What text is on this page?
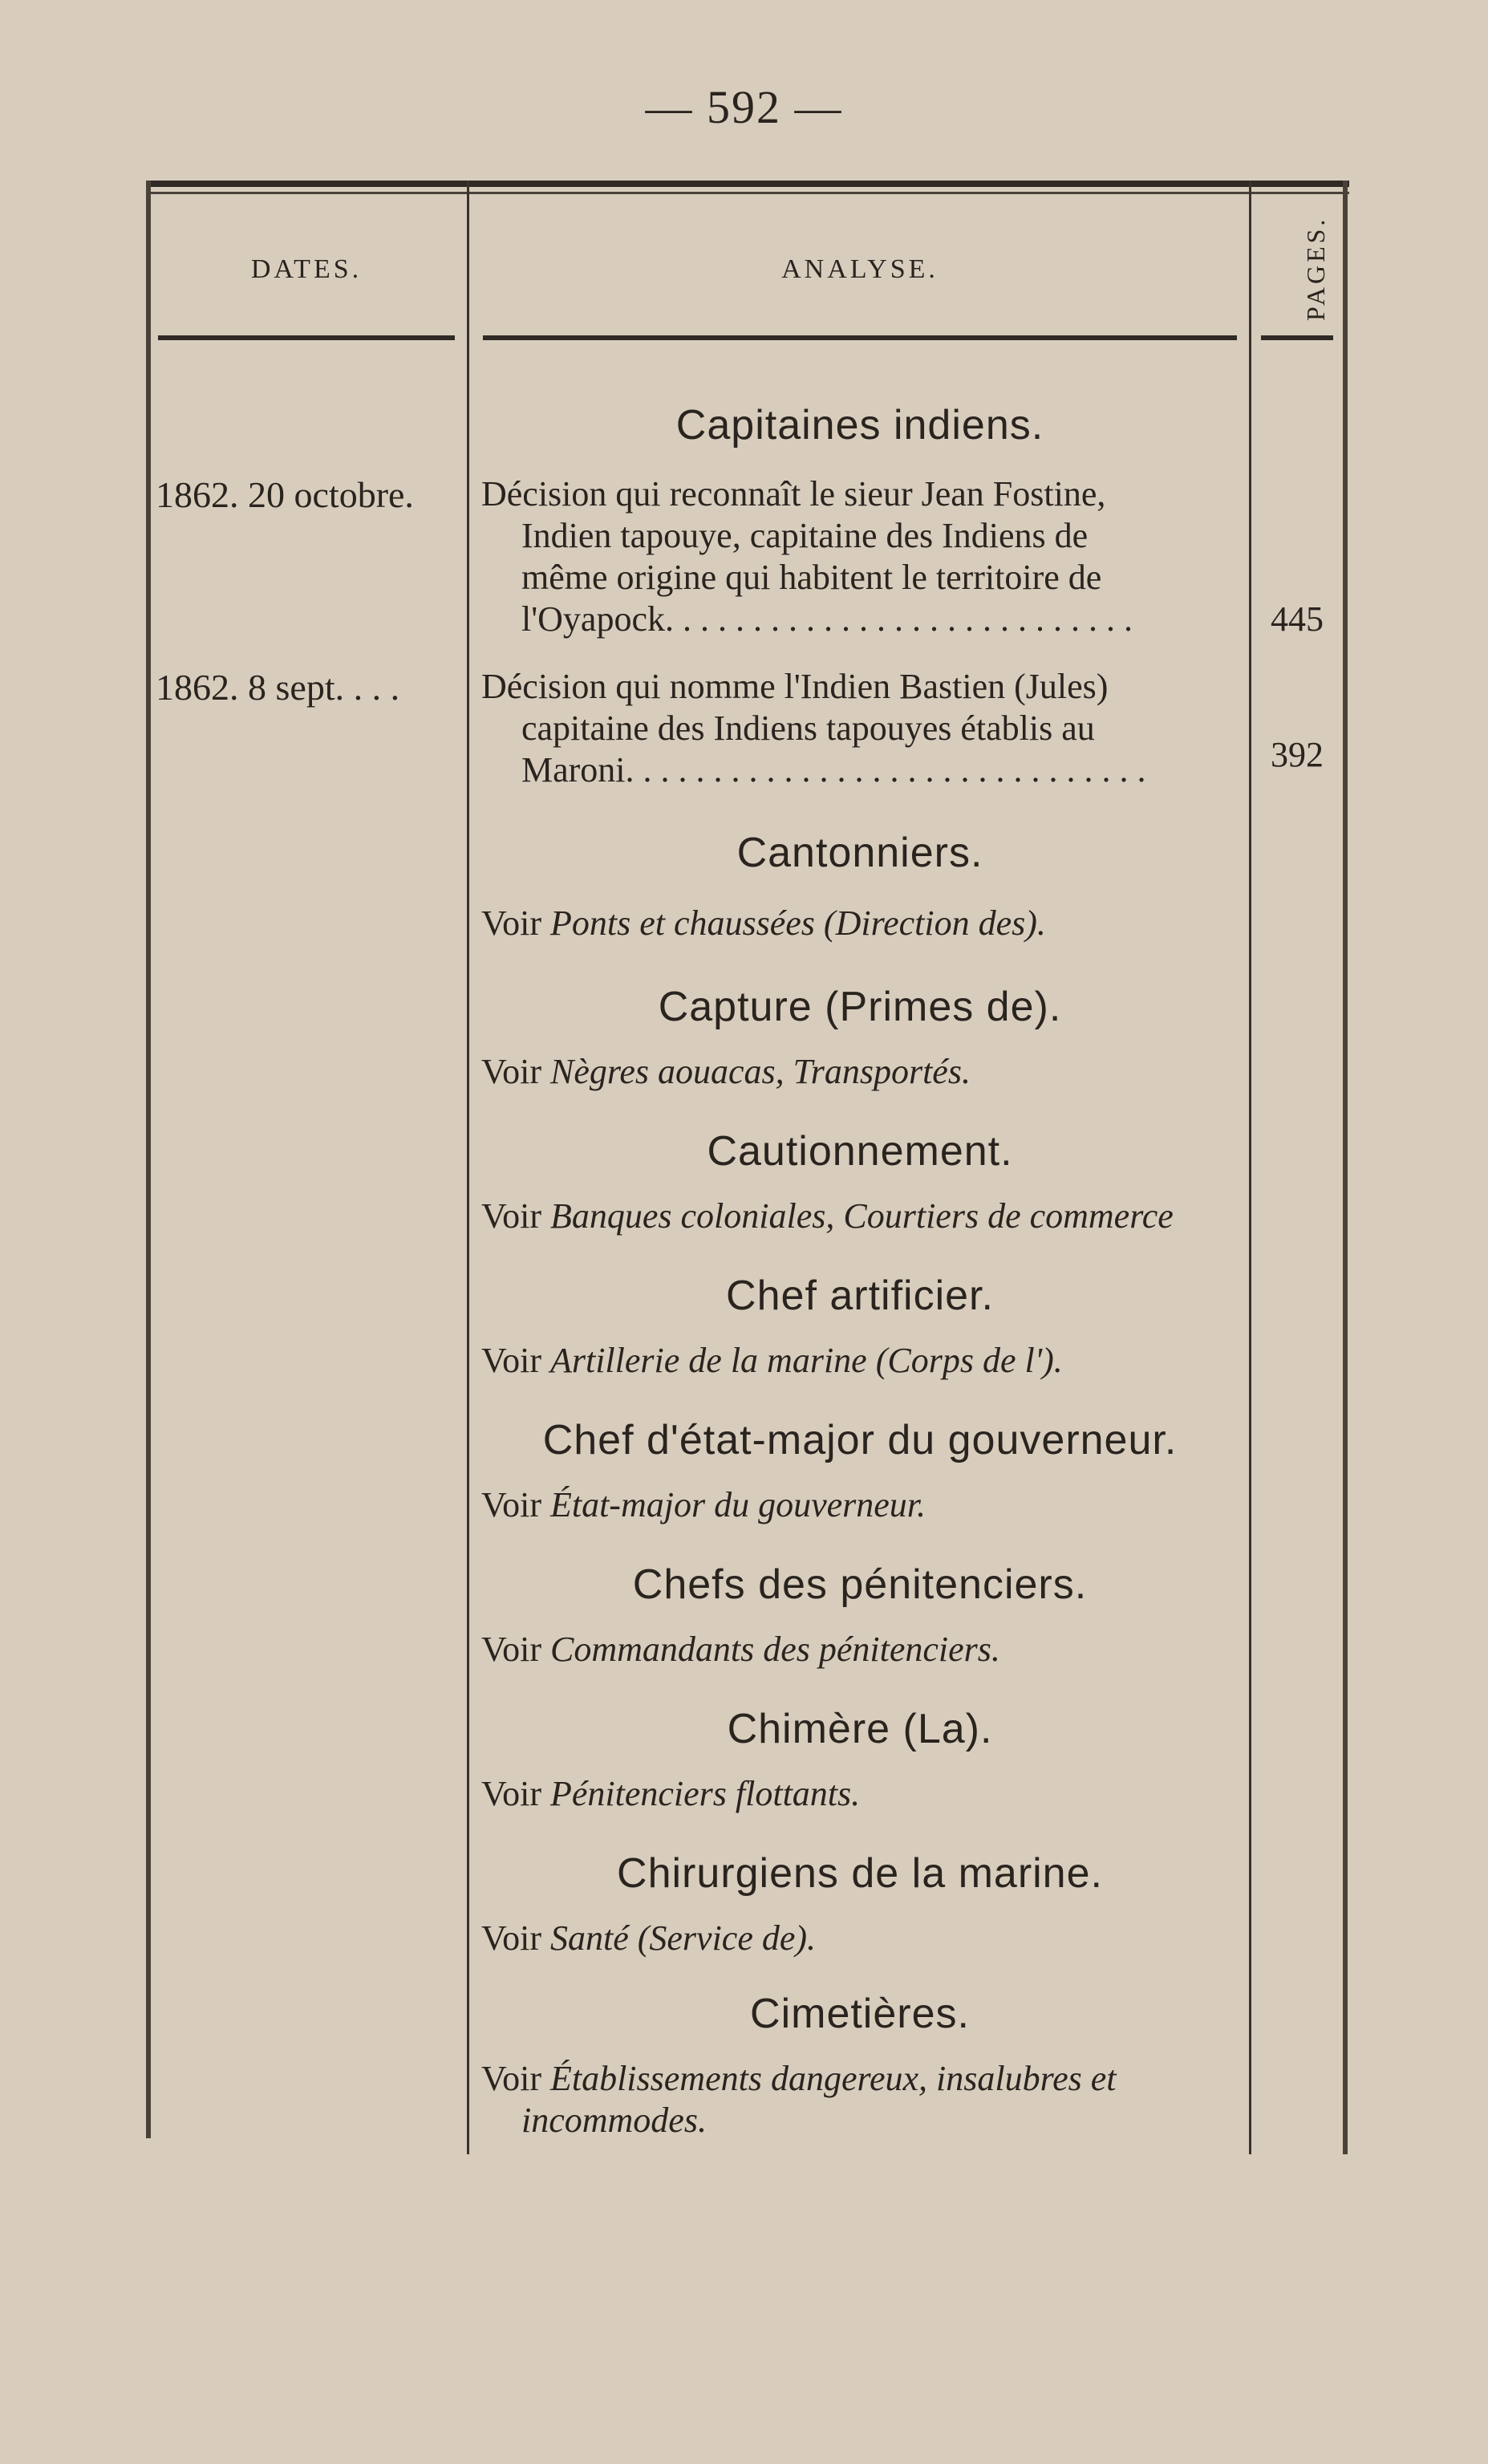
— 592 —
DATES.	ANALYSE.	PAGES.
Capitaines indiens.
1862. 20 octobre.	Décision qui reconnaît le sieur Jean Fostine,
Indien tapouye, capitaine des Indiens de
même origine qui habitent le territoire de
l'Oyapock. . . . . . . . . . . . . . . . . . . . . . . . . . .	445
1862. 8 sept. . . .	Décision qui nomme l'Indien Bastien (Jules)
capitaine des Indiens tapouyes établis au
Maroni. . . . . . . . . . . . . . . . . . . . . . . . . . . . . .	392
Cantonniers.
Voir Ponts et chaussées (Direction des).
Capture (Primes de).
Voir Nègres aouacas, Transportés.
Cautionnement.
Voir Banques coloniales, Courtiers de commerce
Chef artificier.
Voir Artillerie de la marine (Corps de l').
Chef d'état-major du gouverneur.
Voir État-major du gouverneur.
Chefs des pénitenciers.
Voir Commandants des pénitenciers.
Chimère (La).
Voir Pénitenciers flottants.
Chirurgiens de la marine.
Voir Santé (Service de).
Cimetières.
Voir Établissements dangereux, insalubres et
incommodes.
